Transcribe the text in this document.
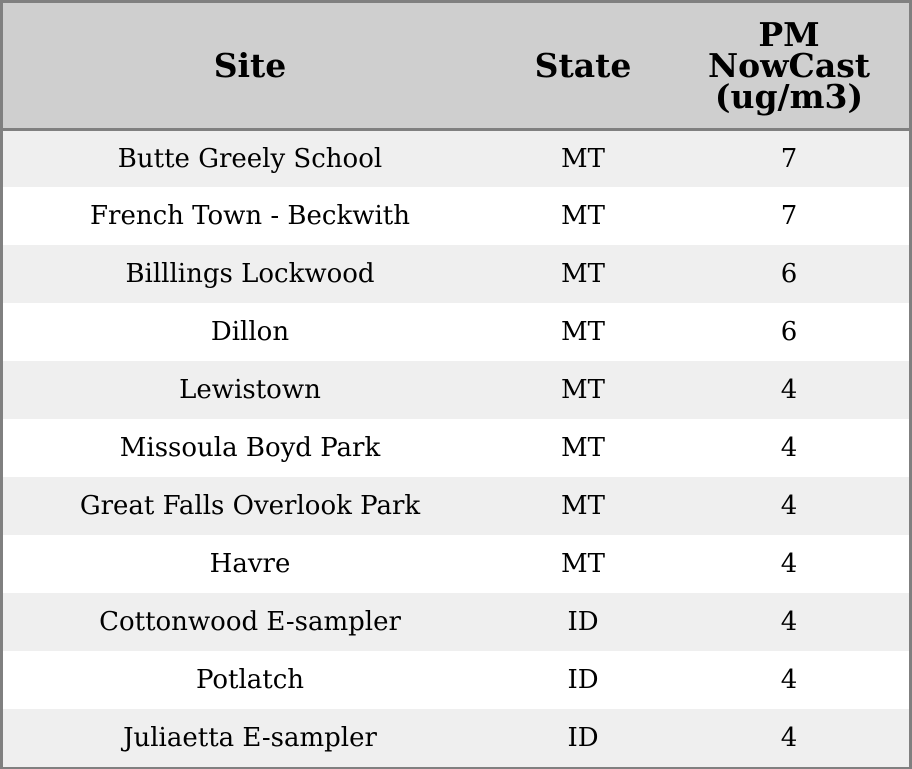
Site	State	PM
NowCast
(ug/m3)
Butte Greely School	MT	7
French Town - Beckwith	MT	7
Billlings Lockwood	MT	6
Dillon	MT	6
Lewistown	MT	4
Missoula Boyd Park	MT	4
Great Falls Overlook Park	MT	4
Havre	MT	4
Cottonwood E-sampler	ID	4
Potlatch	ID	4
Juliaetta E-sampler	ID	4
